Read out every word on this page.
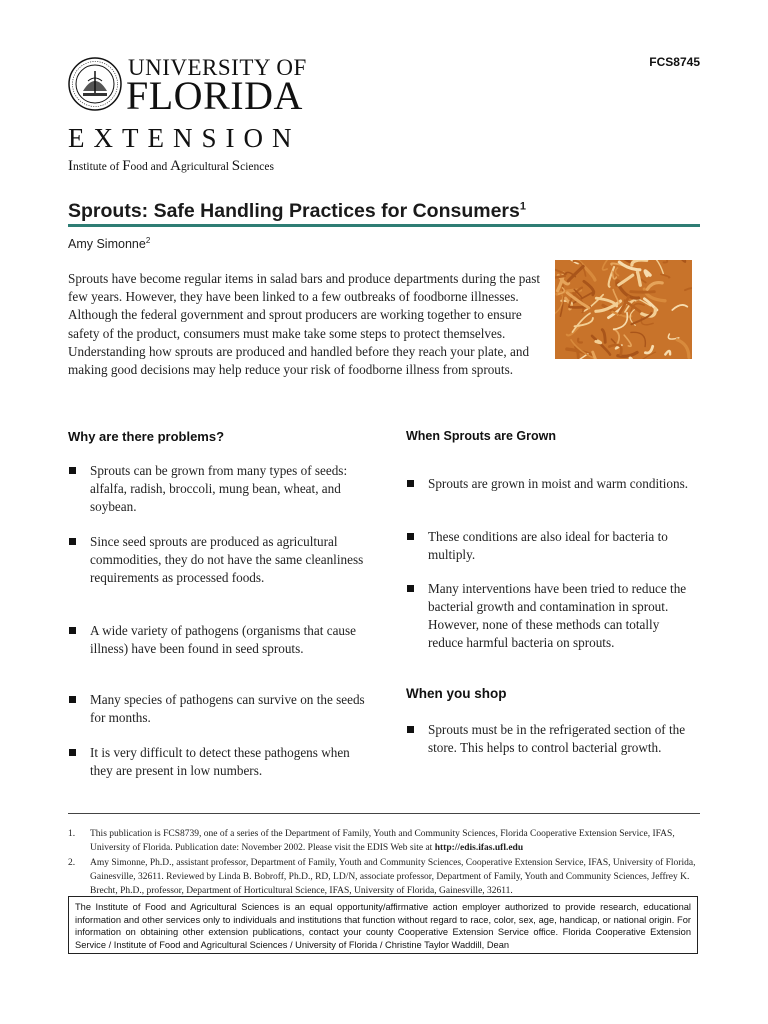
UNIVERSITY OF
FLORIDA
EXTENSION
Institute of Food and Agricultural Sciences
FCS8745
Sprouts: Safe Handling Practices for Consumers$^1$
Amy Simonne$^2$
Sprouts have become regular items in salad bars and produce departments during the past few years. However, they have been linked to a few outbreaks of foodborne illnesses. Although the federal government and sprout producers are working together to ensure safety of the product, consumers must make take some steps to protect themselves. Understanding how sprouts are produced and handled before they reach your plate, and making good decisions may help reduce your risk of foodborne illness from sprouts.
Why are there problems?
Sprouts can be grown from many types of seeds: alfalfa, radish, broccoli, mung bean, wheat, and soybean.
Since seed sprouts are produced as agricultural commodities, they do not have the same cleanliness requirements as processed foods.
A wide variety of pathogens (organisms that cause illness) have been found in seed sprouts.
Many species of pathogens can survive on the seeds for months.
It is very difficult to detect these pathogens when they are present in low numbers.
When Sprouts are Grown
Sprouts are grown in moist and warm conditions.
These conditions are also ideal for bacteria to multiply.
Many interventions have been tried to reduce the bacterial growth and contamination in sprout. However, none of these methods can totally reduce harmful bacteria on sprouts.
When you shop
Sprouts must be in the refrigerated section of the store. This helps to control bacterial growth.
1. This publication is FCS8739, one of a series of the Department of Family, Youth and Community Sciences, Florida Cooperative Extension Service, IFAS, University of Florida. Publication date: November 2002. Please visit the EDIS Web site at http://edis.ifas.ufl.edu
2. Amy Simonne, Ph.D., assistant professor, Department of Family, Youth and Community Sciences, Cooperative Extension Service, IFAS, University of Florida, Gainesville, 32611. Reviewed by Linda B. Bobroff, Ph.D., RD, LD/N, associate professor, Department of Family, Youth and Community Sciences, Jeffrey K. Brecht, Ph.D., professor, Department of Horticultural Science, IFAS, University of Florida, Gainesville, 32611.
The Institute of Food and Agricultural Sciences is an equal opportunity/affirmative action employer authorized to provide research, educational information and other services only to individuals and institutions that function without regard to race, color, sex, age, handicap, or national origin. For information on obtaining other extension publications, contact your county Cooperative Extension Service office. Florida Cooperative Extension Service / Institute of Food and Agricultural Sciences / University of Florida / Christine Taylor Waddill, Dean
